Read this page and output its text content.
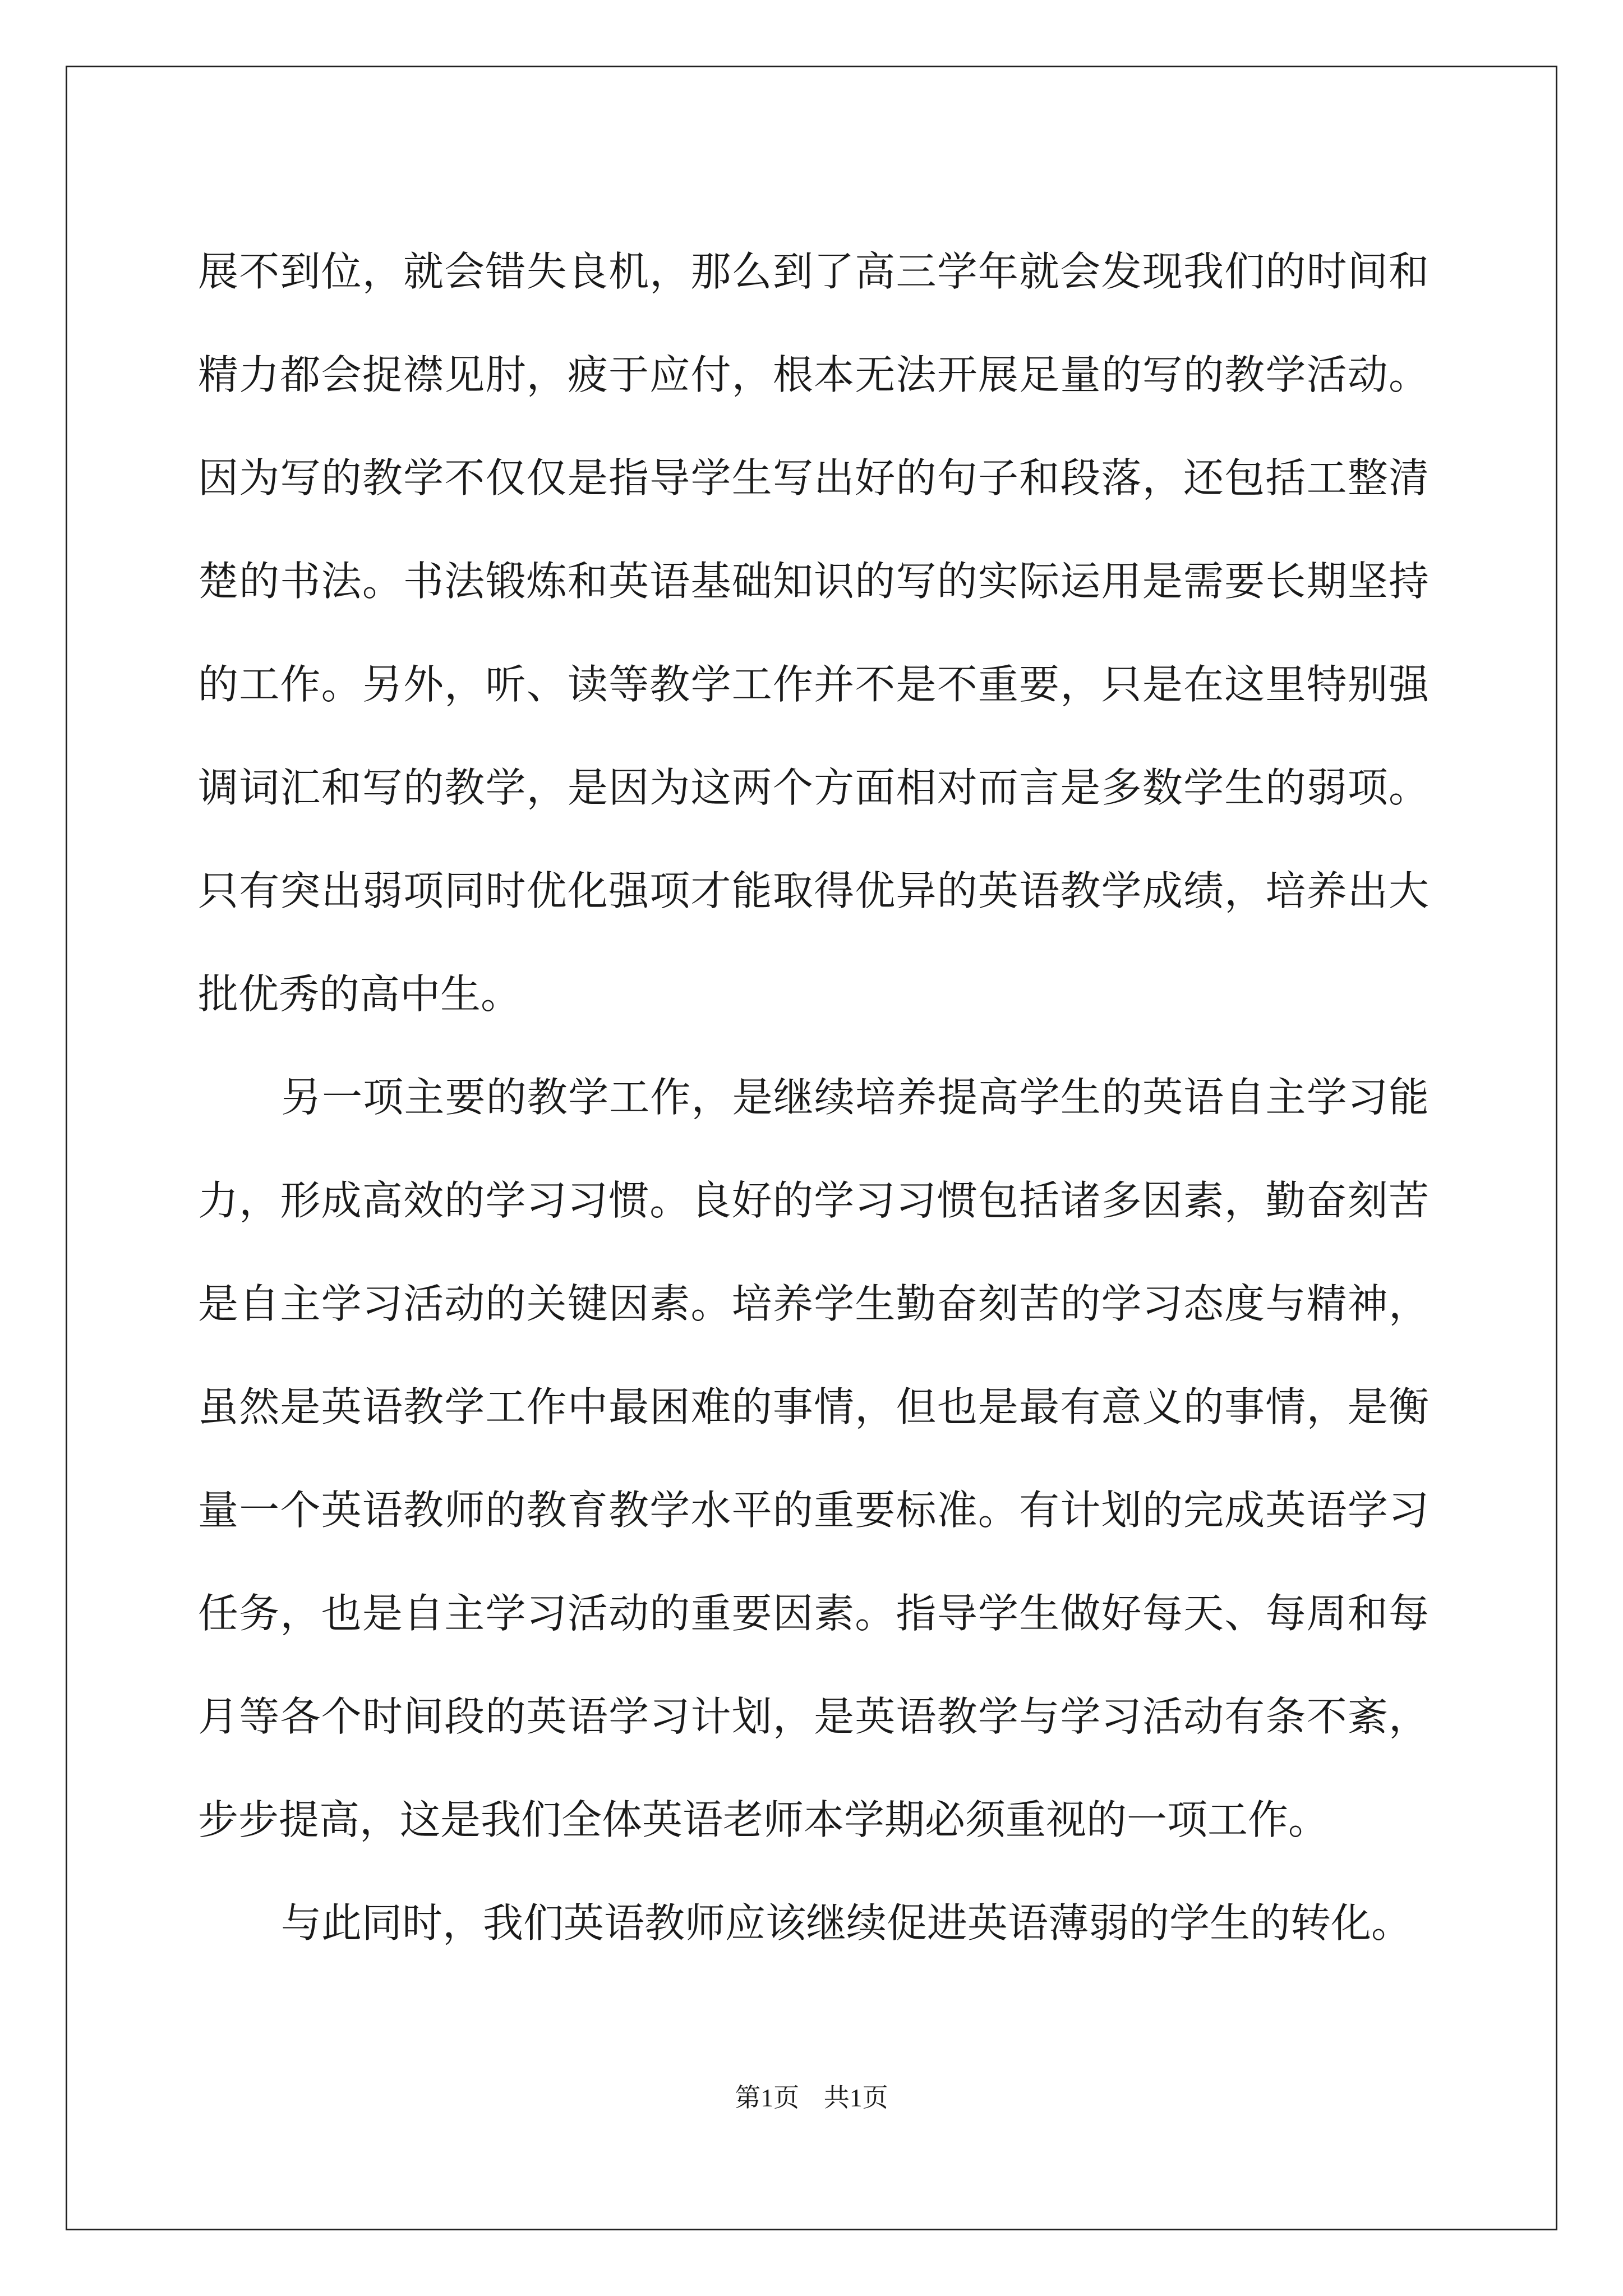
展不到位，就会错失良机，那么到了高三学年就会发现我们的时间和
精力都会捉襟见肘，疲于应付，根本无法开展足量的写的教学活动。
因为写的教学不仅仅是指导学生写出好的句子和段落，还包括工整清
楚的书法。书法锻炼和英语基础知识的写的实际运用是需要长期坚持
的工作。另外，听、读等教学工作并不是不重要，只是在这里特别强
调词汇和写的教学，是因为这两个方面相对而言是多数学生的弱项。
只有突出弱项同时优化强项才能取得优异的英语教学成绩，培养出大
批优秀的高中生。
另一项主要的教学工作，是继续培养提高学生的英语自主学习能
力，形成高效的学习习惯。良好的学习习惯包括诸多因素，勤奋刻苦
是自主学习活动的关键因素。培养学生勤奋刻苦的学习态度与精神，
虽然是英语教学工作中最困难的事情，但也是最有意义的事情，是衡
量一个英语教师的教育教学水平的重要标准。有计划的完成英语学习
任务，也是自主学习活动的重要因素。指导学生做好每天、每周和每
月等各个时间段的英语学习计划，是英语教学与学习活动有条不紊，
步步提高，这是我们全体英语老师本学期必须重视的一项工作。
与此同时，我们英语教师应该继续促进英语薄弱的学生的转化。
第1页 共1页
